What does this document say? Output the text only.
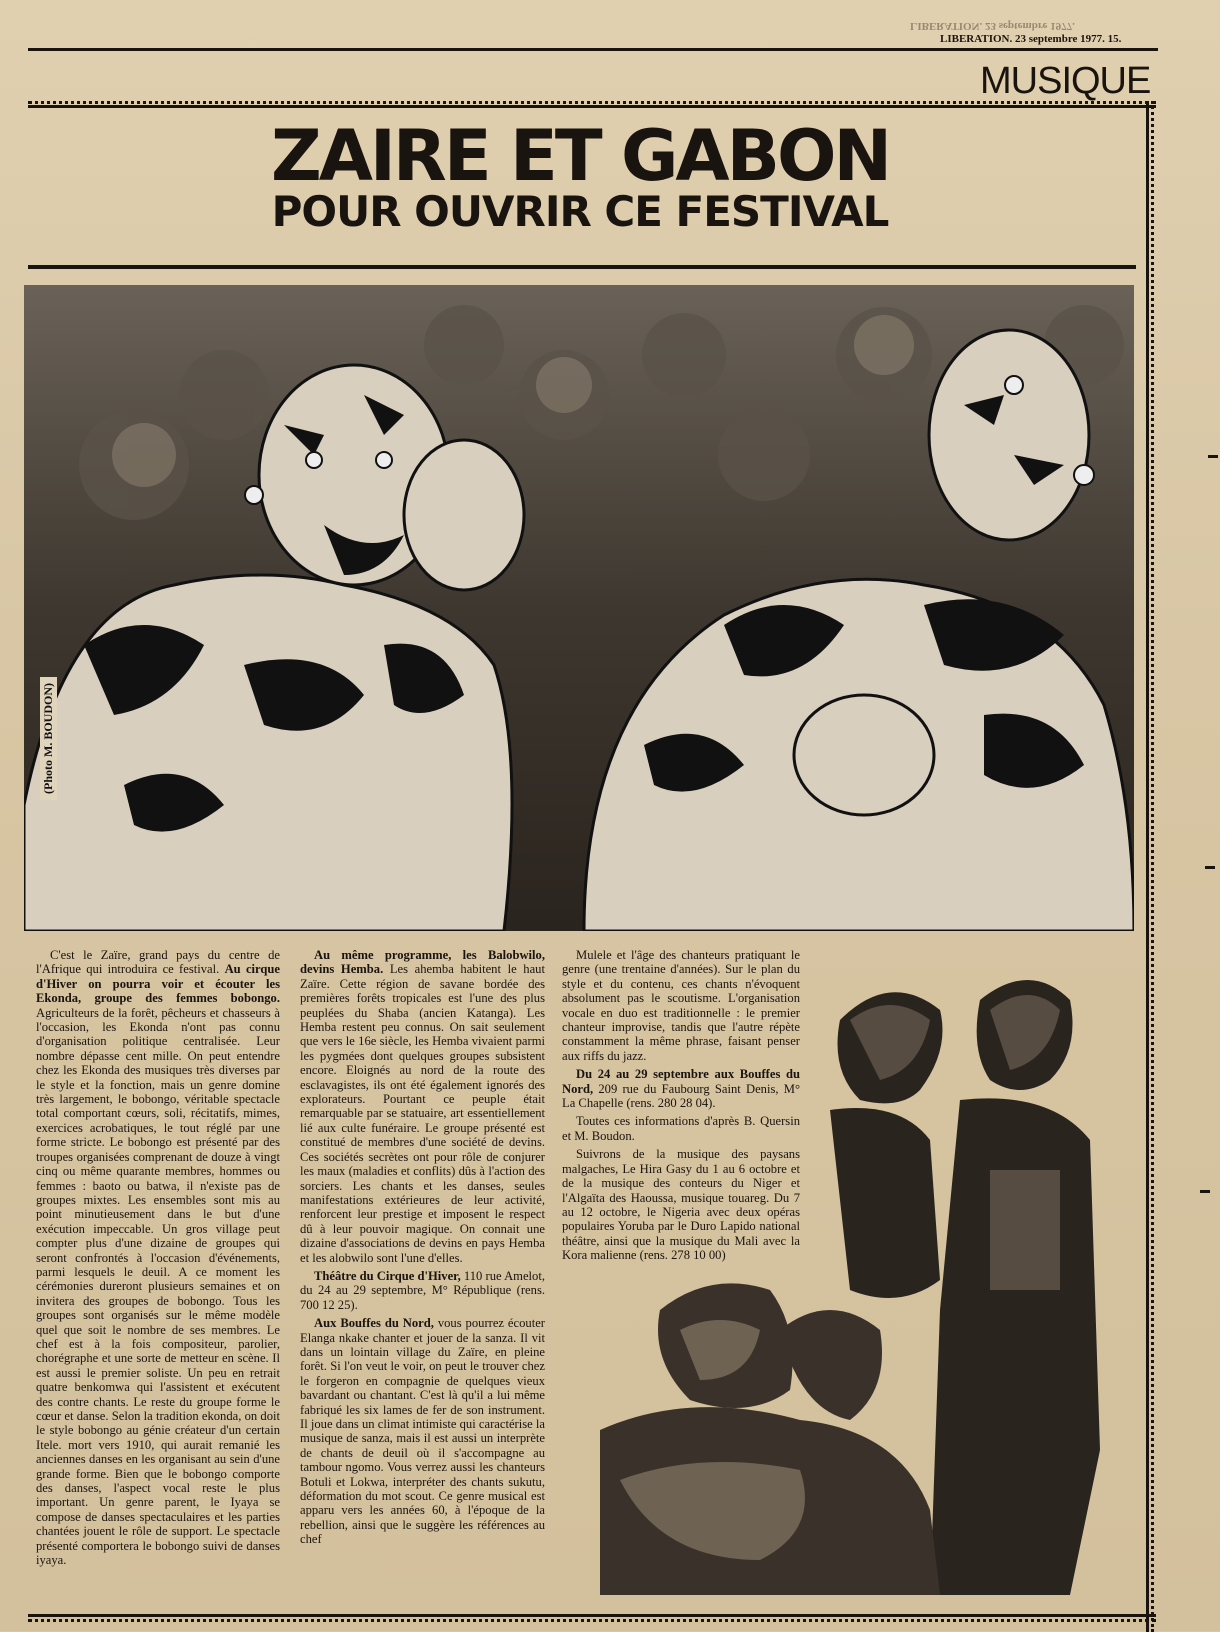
LIBERATION. 23 septembre 1977.
LIBERATION. 23 septembre 1977. 15.
MUSIQUE
ZAIRE ET GABON
POUR OUVRIR CE FESTIVAL
(Photo M. BOUDON)

C'est le Zaïre, grand pays du centre de l'Afrique qui introduira ce festival. Au cirque d'Hiver on pourra voir et écouter les Ekonda, groupe des femmes bobongo. Agriculteurs de la forêt, pêcheurs et chasseurs à l'occasion, les Ekonda n'ont pas connu d'organisation politique centralisée. Leur nombre dépasse cent mille. On peut entendre chez les Ekonda des musiques très diverses par le style et la fonction, mais un genre domine très largement, le bobongo, véritable spectacle total comportant cœurs, soli, récitatifs, mimes, exercices acrobatiques, le tout réglé par une forme stricte. Le bobongo est présenté par des troupes organisées comprenant de douze à vingt cinq ou même quarante membres, hommes ou femmes : baoto ou batwa, il n'existe pas de groupes mixtes. Les ensembles sont mis au point minutieusement dans le but d'une exécution impeccable. Un gros village peut compter plus d'une dizaine de groupes qui seront confrontés à l'occasion d'événements, parmi lesquels le deuil. A ce moment les cérémonies dureront plusieurs semaines et on invitera des groupes de bobongo. Tous les groupes sont organisés sur le même modèle quel que soit le nombre de ses membres. Le chef est à la fois compositeur, parolier, chorégraphe et une sorte de metteur en scène. Il est aussi le premier soliste. Un peu en retrait quatre benkomwa qui l'assistent et exécutent des contre chants. Le reste du groupe forme le cœur et danse. Selon la tradition ekonda, on doit le style bobongo au génie créateur d'un certain Itele. mort vers 1910, qui aurait remanié les anciennes danses en les organisant au sein d'une grande forme. Bien que le bobongo comporte des danses, l'aspect vocal reste le plus important. Un genre parent, le Iyaya se compose de danses spectaculaires et les parties chantées jouent le rôle de support. Le spectacle présenté comportera le bobongo suivi de danses iyaya.

Au même programme, les Balobwilo, devins Hemba. Les ahemba habitent le haut Zaïre. Cette région de savane bordée des premières forêts tropicales est l'une des plus peuplées du Shaba (ancien Katanga). Les Hemba restent peu connus. On sait seulement que vers le 16e siècle, les Hemba vivaient parmi les pygmées dont quelques groupes subsistent encore. Eloignés au nord de la route des esclavagistes, ils ont été également ignorés des explorateurs. Pourtant ce peuple était remarquable par se statuaire, art essentiellement lié aux culte funéraire. Le groupe présenté est constitué de membres d'une société de devins. Ces sociétés secrètes ont pour rôle de conjurer les maux (maladies et conflits) dûs à l'action des sorciers. Les chants et les danses, seules manifestations extérieures de leur activité, renforcent leur prestige et imposent le respect dû à leur pouvoir magique. On connait une dizaine d'associations de devins en pays Hemba et les alobwilo sont l'une d'elles.

Théâtre du Cirque d'Hiver, 110 rue Amelot, du 24 au 29 septembre, M° République (rens. 700 12 25).

Aux Bouffes du Nord, vous pourrez écouter Elanga nkake chanter et jouer de la sanza. Il vit dans un lointain village du Zaïre, en pleine forêt. Si l'on veut le voir, on peut le trouver chez le forgeron en compagnie de quelques vieux bavardant ou chantant. C'est là qu'il a lui même fabriqué les six lames de fer de son instrument. Il joue dans un climat intimiste qui caractérise la musique de sanza, mais il est aussi un interprète de chants de deuil où il s'accompagne au tambour ngomo. Vous verrez aussi les chanteurs Botuli et Lokwa, interpréter des chants sukutu, déformation du mot scout. Ce genre musical est apparu vers les années 60, à l'époque de la rebellion, ainsi que le suggère les références au chef

Mulele et l'âge des chanteurs pratiquant le genre (une trentaine d'années). Sur le plan du style et du contenu, ces chants n'évoquent absolument pas le scoutisme. L'organisation vocale en duo est traditionnelle : le premier chanteur improvise, tandis que l'autre répète constamment la même phrase, faisant penser aux riffs du jazz.

Du 24 au 29 septembre aux Bouffes du Nord, 209 rue du Faubourg Saint Denis, M° La Chapelle (rens. 280 28 04).

Toutes ces informations d'après B. Quersin et M. Boudon.

Suivrons de la musique des paysans malgaches, Le Hira Gasy du 1 au 6 octobre et de la musique des conteurs du Niger et l'Algaïta des Haoussa, musique touareg. Du 7 au 12 octobre, le Nigeria avec deux opéras populaires Yoruba par le Duro Lapido national théâtre, ainsi que la musique du Mali avec la Kora malienne (rens. 278 10 00)
